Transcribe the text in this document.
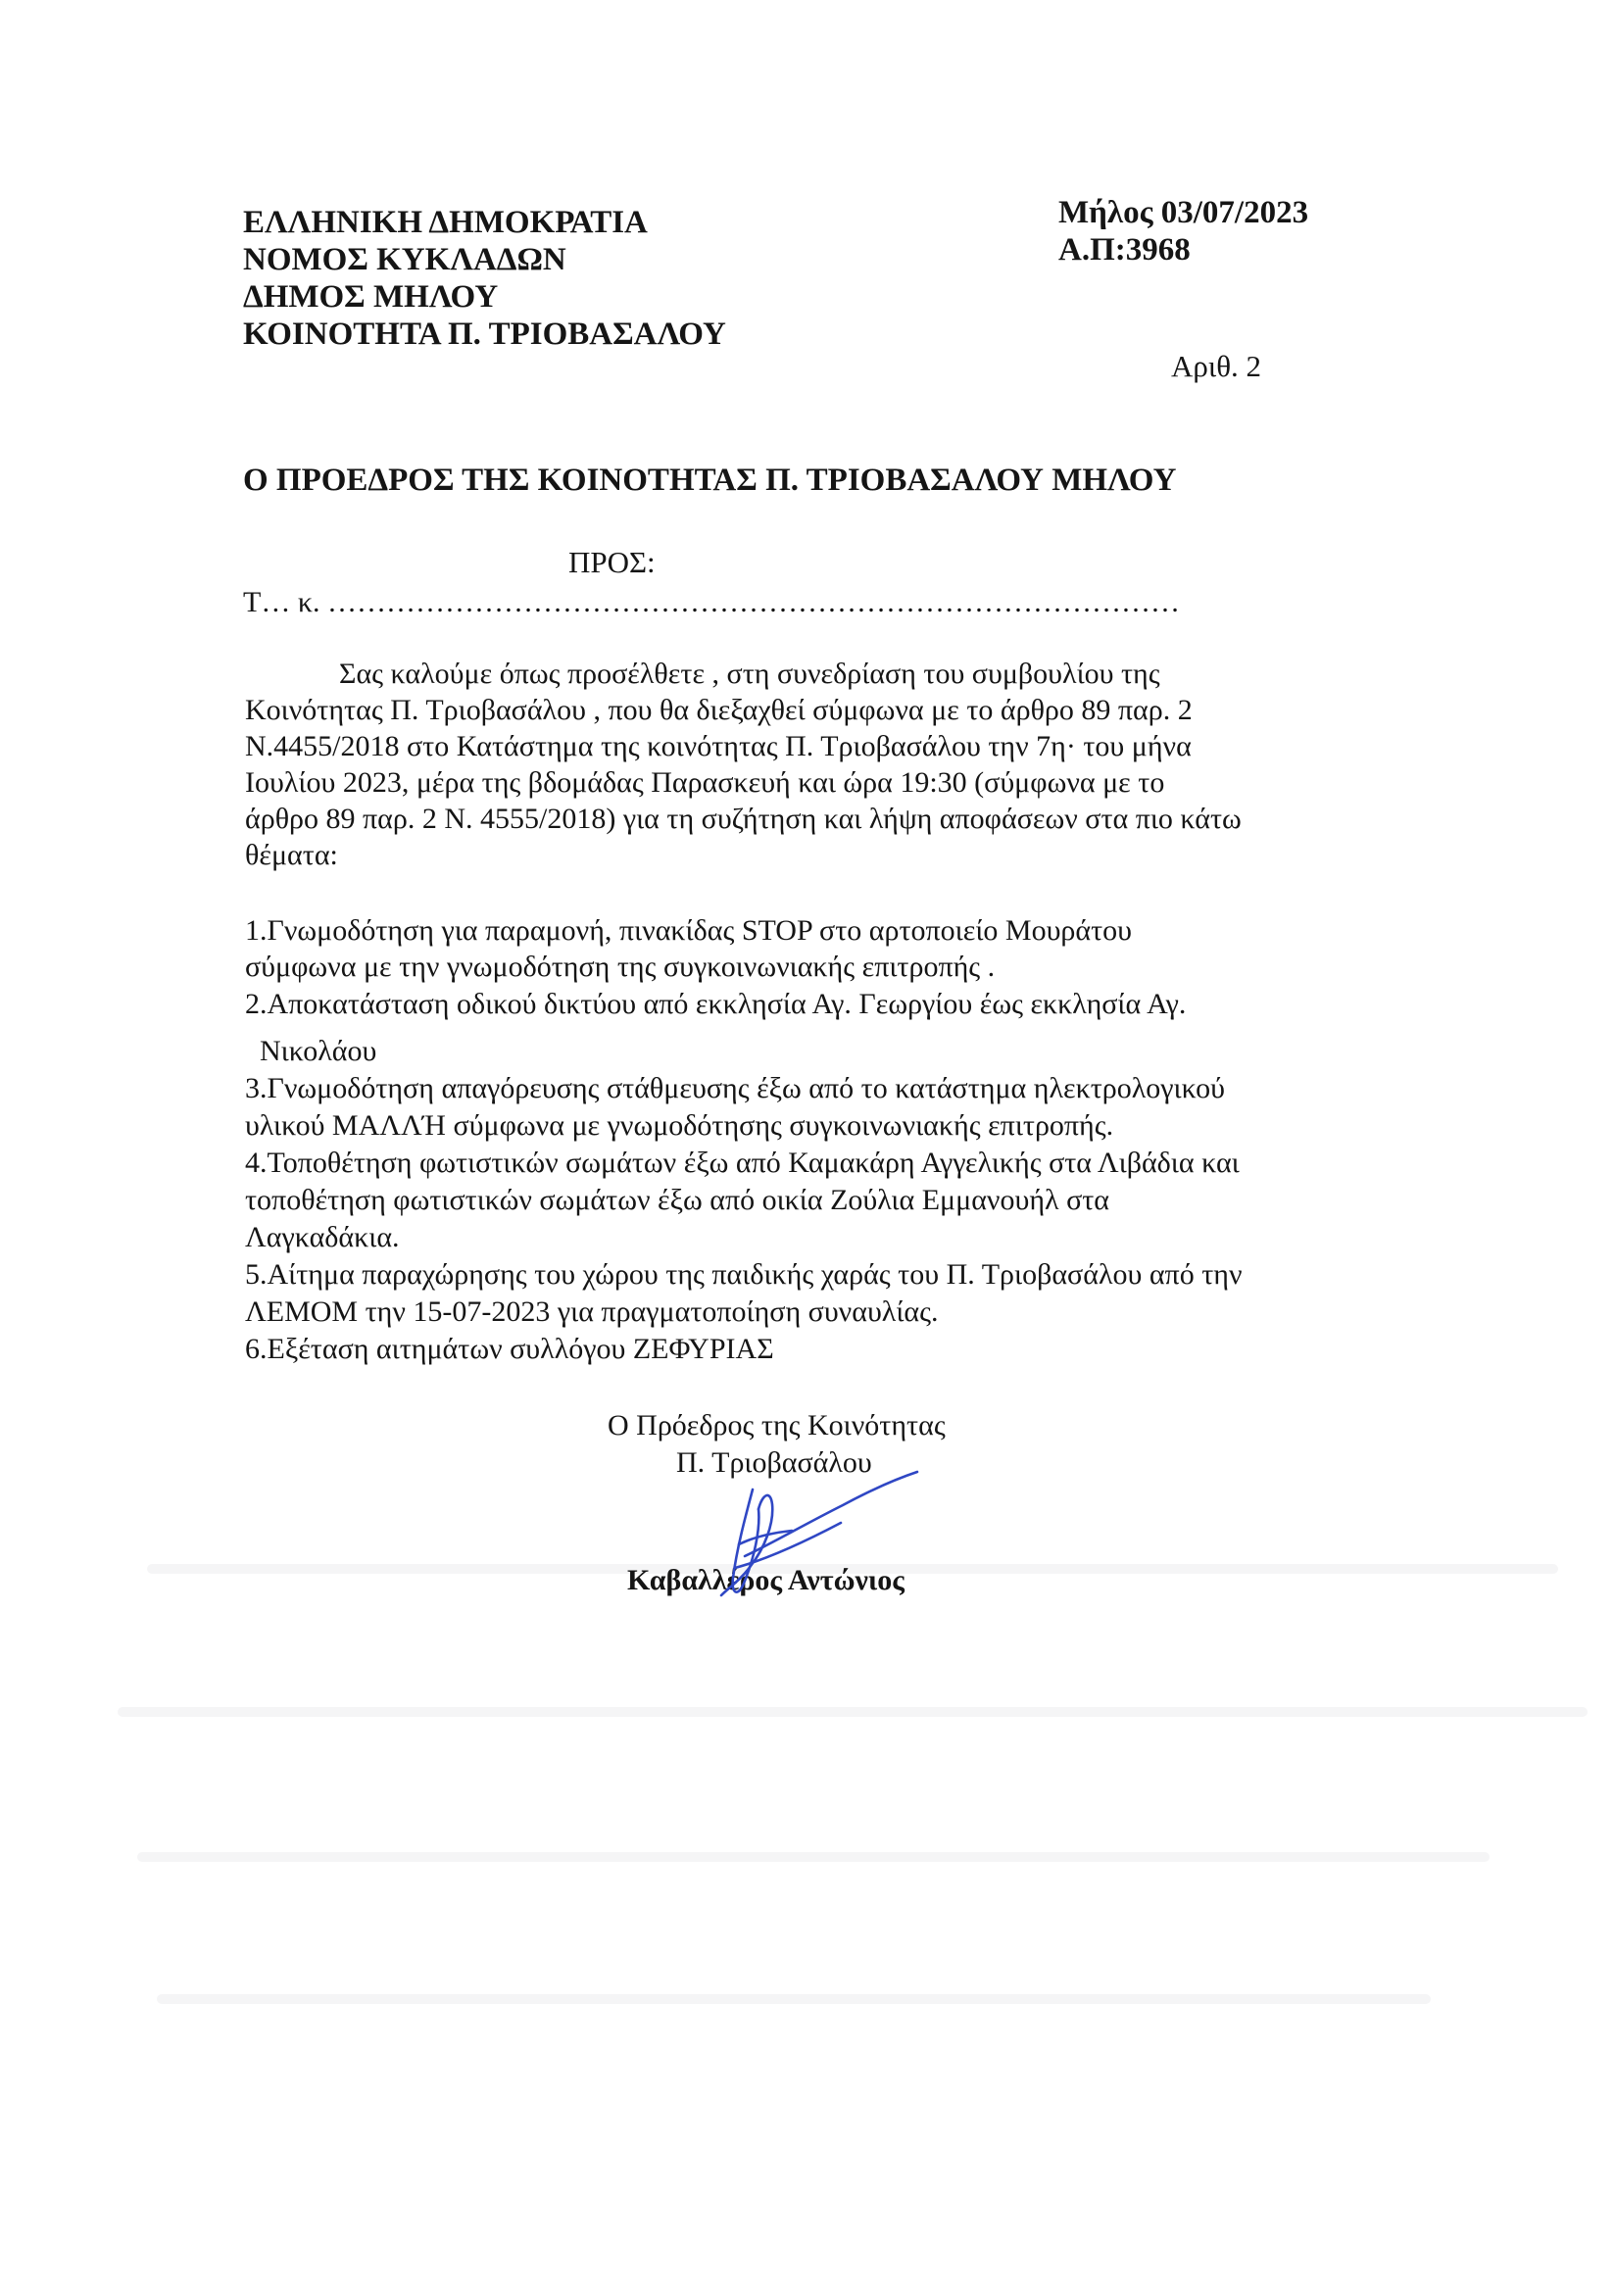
ΕΛΛΗΝΙΚΗ ΔΗΜΟΚΡΑΤΙΑ
ΝΟΜΟΣ ΚΥΚΛΑΔΩΝ
ΔΗΜΟΣ ΜΗΛΟΥ
ΚΟΙΝΟΤΗΤΑ Π. ΤΡΙΟΒΑΣΑΛΟΥ
Μήλος 03/07/2023
Α.Π:3968
Αριθ. 2
Ο ΠΡΟΕΔΡΟΣ ΤΗΣ ΚΟΙΝΟΤΗΤΑΣ Π. ΤΡΙΟΒΑΣΑΛΟΥ ΜΗΛΟΥ
ΠΡΟΣ:
Τ… κ. ……………………………………………………………………………
Σας καλούμε όπως προσέλθετε , στη συνεδρίαση του συμβουλίου της
Κοινότητας Π. Τριοβασάλου , που θα διεξαχθεί σύμφωνα με το άρθρο 89 παρ. 2
Ν.4455/2018 στο Κατάστημα της κοινότητας Π. Τριοβασάλου την 7η· του μήνα
Ιουλίου 2023, μέρα της βδομάδας Παρασκευή και ώρα 19:30 (σύμφωνα με το
άρθρο 89 παρ. 2 Ν. 4555/2018) για τη συζήτηση και λήψη αποφάσεων στα πιο κάτω
θέματα:
1.Γνωμοδότηση για παραμονή, πινακίδας STOP στο αρτοποιείο Μουράτου
σύμφωνα με την γνωμοδότηση της συγκοινωνιακής επιτροπής .
2.Αποκατάσταση οδικού δικτύου από εκκλησία Αγ. Γεωργίου έως εκκλησία Αγ.
Νικολάου
3.Γνωμοδότηση απαγόρευσης στάθμευσης έξω από το κατάστημα ηλεκτρολογικού
υλικού ΜΑΛΛΉ σύμφωνα με γνωμοδότησης συγκοινωνιακής επιτροπής.
4.Τοποθέτηση φωτιστικών σωμάτων έξω από Καμακάρη Αγγελικής στα Λιβάδια και
τοποθέτηση φωτιστικών σωμάτων έξω από οικία Ζούλια Εμμανουήλ στα
Λαγκαδάκια.
5.Αίτημα παραχώρησης του χώρου της παιδικής χαράς του Π. Τριοβασάλου από την
ΛΕΜΟΜ την 15-07-2023 για πραγματοποίηση συναυλίας.
6.Εξέταση αιτημάτων συλλόγου ΖΕΦΥΡΙΑΣ
Ο Πρόεδρος της Κοινότητας
Π. Τριοβασάλου
Καβαλλέρος Αντώνιος
